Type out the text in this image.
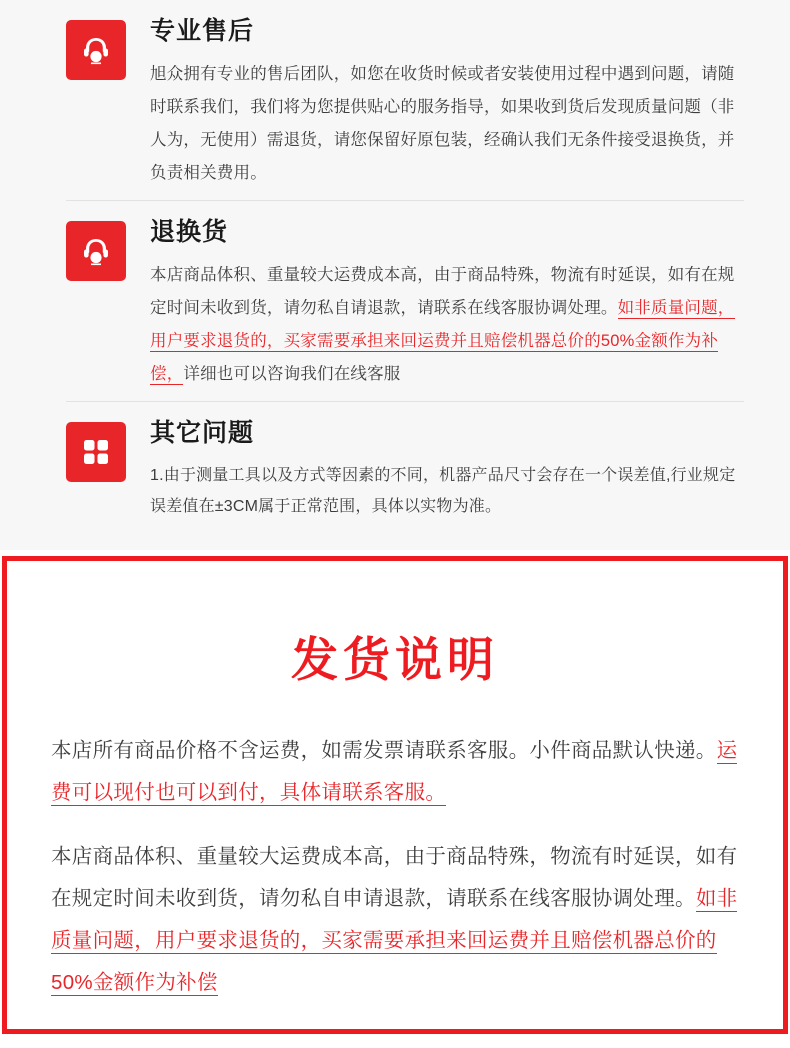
专业售后
旭众拥有专业的售后团队，如您在收货时候或者安装使用过程中遇到问题，请随时联系我们，我们将为您提供贴心的服务指导，如果收到货后发现质量问题（非人为，无使用）需退货，请您保留好原包装，经确认我们无条件接受退换货，并负责相关费用。
退换货
本店商品体积、重量较大运费成本高，由于商品特殊，物流有时延误，如有在规定时间未收到货，请勿私自请退款，请联系在线客服协调处理。如非质量问题，用户要求退货的，买家需要承担来回运费并且赔偿机器总价的50%金额作为补偿，详细也可以咨询我们在线客服
其它问题
1.由于测量工具以及方式等因素的不同，机器产品尺寸会存在一个误差值,行业规定误差值在±3CM属于正常范围，具体以实物为准。
发货说明

本店所有商品价格不含运费，如需发票请联系客服。小件商品默认快递。运费可以现付也可以到付，具体请联系客服。

本店商品体积、重量较大运费成本高，由于商品特殊，物流有时延误，如有在规定时间未收到货，请勿私自申请退款，请联系在线客服协调处理。如非质量问题，用户要求退货的，买家需要承担来回运费并且赔偿机器总价的50%金额作为补偿
